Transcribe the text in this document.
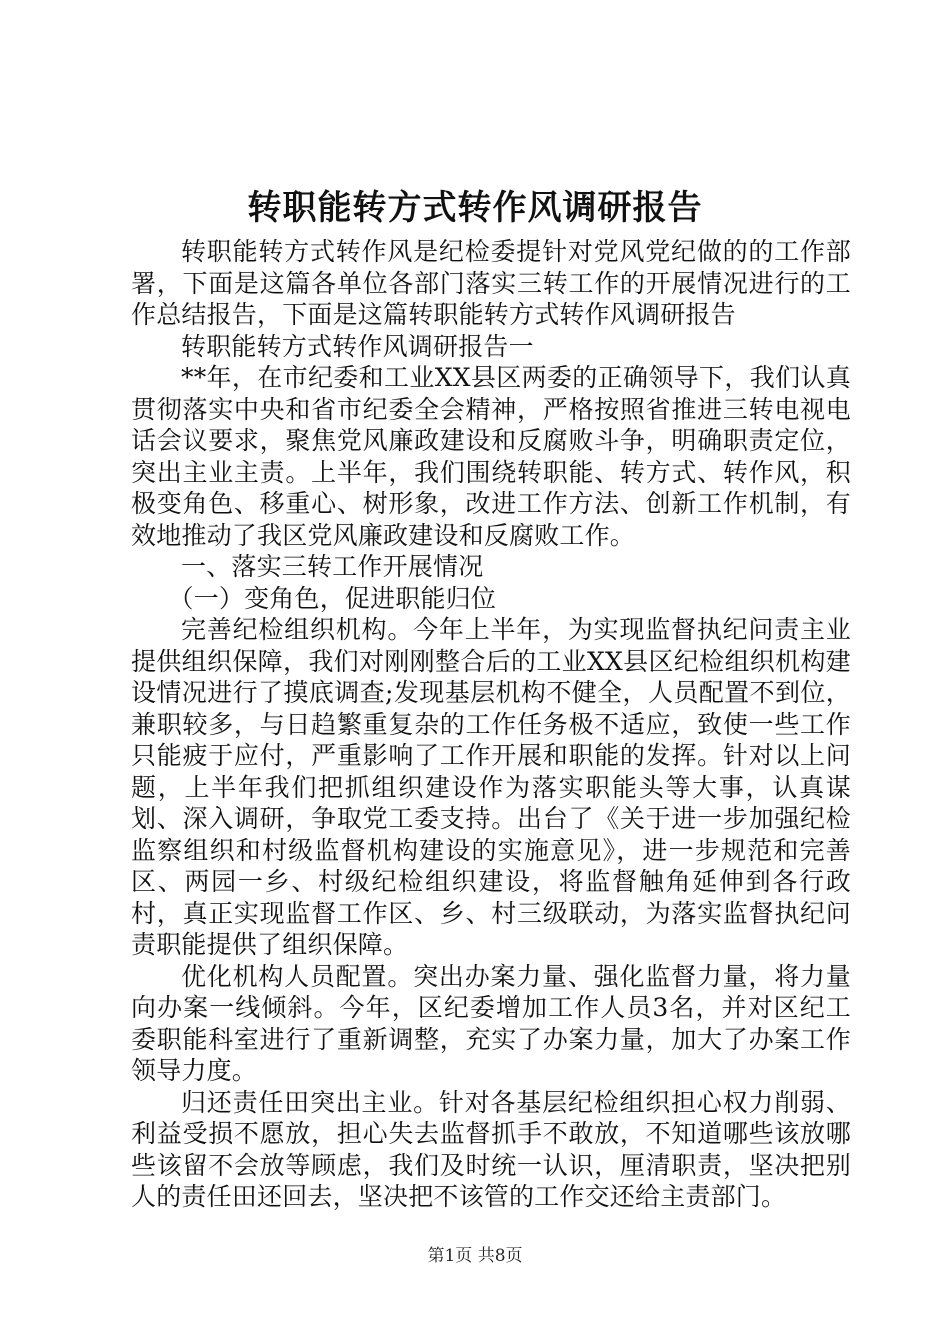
转职能转方式转作风调研报告

转职能转方式转作风是纪检委提针对党风党纪做的的工作部署，下面是这篇各单位各部门落实三转工作的开展情况进行的工作总结报告，下面是这篇转职能转方式转作风调研报告

转职能转方式转作风调研报告一

**年，在市纪委和工业XX县区两委的正确领导下，我们认真贯彻落实中央和省市纪委全会精神，严格按照省推进三转电视电话会议要求，聚焦党风廉政建设和反腐败斗争，明确职责定位，突出主业主责。上半年，我们围绕转职能、转方式、转作风，积极变角色、移重心、树形象，改进工作方法、创新工作机制，有效地推动了我区党风廉政建设和反腐败工作。

一、落实三转工作开展情况

（一）变角色，促进职能归位

完善纪检组织机构。今年上半年，为实现监督执纪问责主业提供组织保障，我们对刚刚整合后的工业XX县区纪检组织机构建设情况进行了摸底调查;发现基层机构不健全，人员配置不到位，兼职较多，与日趋繁重复杂的工作任务极不适应，致使一些工作只能疲于应付，严重影响了工作开展和职能的发挥。针对以上问题，上半年我们把抓组织建设作为落实职能头等大事，认真谋划、深入调研，争取党工委支持。出台了《关于进一步加强纪检监察组织和村级监督机构建设的实施意见》，进一步规范和完善区、两园一乡、村级纪检组织建设，将监督触角延伸到各行政村，真正实现监督工作区、乡、村三级联动，为落实监督执纪问责职能提供了组织保障。

优化机构人员配置。突出办案力量、强化监督力量，将力量向办案一线倾斜。今年，区纪委增加工作人员3名，并对区纪工委职能科室进行了重新调整，充实了办案力量，加大了办案工作领导力度。

归还责任田突出主业。针对各基层纪检组织担心权力削弱、利益受损不愿放，担心失去监督抓手不敢放，不知道哪些该放哪些该留不会放等顾虑，我们及时统一认识，厘清职责，坚决把别人的责任田还回去，坚决把不该管的工作交还给主责部门。

第1页 共8页
